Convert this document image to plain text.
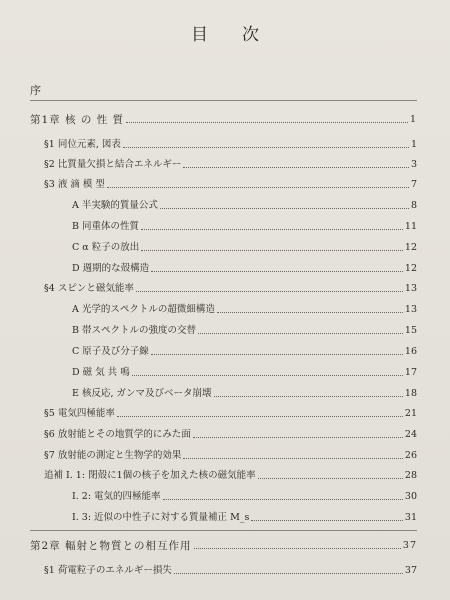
目次
序
第1章 核 の 性 質	1
§1 同位元素, 図表	1
§2 比質量欠損と結合エネルギー	3
§3 液 滴 模 型	7
A 半実験的質量公式	8
B 同重体の性質	11
C α 粒子の放出	12
D 週期的な殻構造	12
§4 スピンと磁気能率	13
A 光学的スペクトルの超微細構造	13
B 帯スペクトルの強度の交替	15
C 原子及び分子線	16
D 磁 気 共 鳴	17
E 核反応, ガンマ及びベータ崩壊	18
§5 電気四極能率	21
§6 放射能とその地質学的にみた面	24
§7 放射能の測定と生物学的効果	26
追補 I. 1: 閉殻に1個の核子を加えた核の磁気能率	28
I. 2: 電気的四極能率	30
I. 3: 近似の中性子に対する質量補正 M_s	31
第2章 輻射と物質との相互作用	37
§1 荷電粒子のエネルギー損失	37
